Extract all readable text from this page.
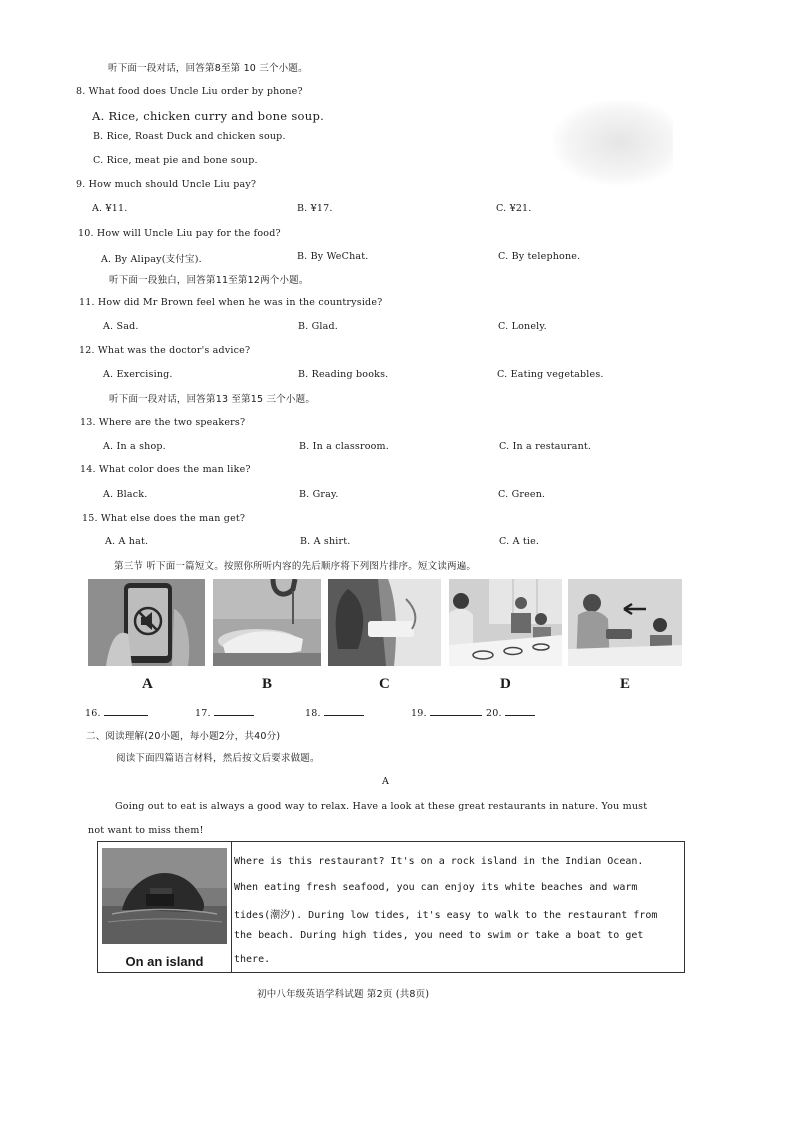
听下面一段对话，回答第8至第 10 三个小题。
8. What food does Uncle Liu order by phone?
A. Rice, chicken curry and bone soup.
B. Rice, Roast Duck and chicken soup.
C. Rice, meat pie and bone soup.
9. How much should Uncle Liu pay?
A. ¥11.	B. ¥17.	C. ¥21.
10. How will Uncle Liu pay for the food?
A. By Alipay(支付宝).	B. By WeChat.	C. By telephone.
听下面一段独白，回答第11至第12两个小题。
11. How did Mr Brown feel when he was in the countryside?
A. Sad.	B. Glad.	C. Lonely.
12. What was the doctor's advice?
A. Exercising.	B. Reading books.	C. Eating vegetables.
听下面一段对话，回答第13 至第15 三个小题。
13. Where are the two speakers?
A. In a shop.	B. In a classroom.	C. In a restaurant.
14. What color does the man like?
A. Black.	B. Gray.	C. Green.
15. What else does the man get?
A. A hat.	B. A shirt.	C. A tie.
第三节 听下面一篇短文。按照你所听内容的先后顺序将下列图片排序。短文读两遍。
A	B	C	D	E
16.	17.	18.	19.	20.
二、阅读理解(20小题，每小题2分，共40分)
阅读下面四篇语言材料，然后按文后要求做题。
A
Going out to eat is always a good way to relax. Have a look at these great restaurants in nature. You must
not want to miss them!
On an island
Where is this restaurant? It's on a rock island in the Indian Ocean.
When eating fresh seafood, you can enjoy its white beaches and warm
tides(潮汐). During low tides, it's easy to walk to the restaurant from
the beach. During high tides, you need to swim or take a boat to get
there.
初中八年级英语学科试题 第2页 (共8页)
